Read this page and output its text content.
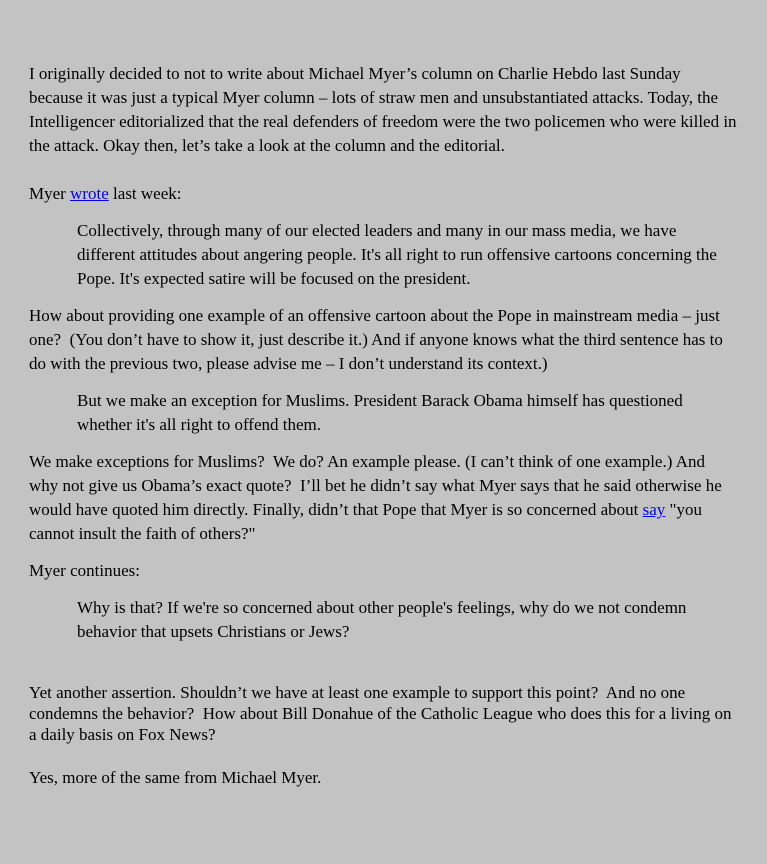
I originally decided to not to write about Michael Myer’s column on Charlie Hebdo last Sunday because it was just a typical Myer column – lots of straw men and unsubstantiated attacks. Today, the Intelligencer editorialized that the real defenders of freedom were the two policemen who were killed in the attack. Okay then, let’s take a look at the column and the editorial.

Myer wrote last week:

Collectively, through many of our elected leaders and many in our mass media, we have different attitudes about angering people. It's all right to run offensive cartoons concerning the Pope. It's expected satire will be focused on the president.

How about providing one example of an offensive cartoon about the Pope in mainstream media – just one?  (You don’t have to show it, just describe it.) And if anyone knows what the third sentence has to do with the previous two, please advise me – I don’t understand its context.)

But we make an exception for Muslims. President Barack Obama himself has questioned whether it's all right to offend them.

We make exceptions for Muslims?  We do? An example please. (I can’t think of one example.) And why not give us Obama’s exact quote?  I’ll bet he didn’t say what Myer says that he said otherwise he would have quoted him directly. Finally, didn’t that Pope that Myer is so concerned about say "you cannot insult the faith of others?"

Myer continues:

Why is that? If we're so concerned about other people's feelings, why do we not condemn behavior that upsets Christians or Jews?

Yet another assertion. Shouldn’t we have at least one example to support this point?  And no one condemns the behavior?  How about Bill Donahue of the Catholic League who does this for a living on a daily basis on Fox News?

Yes, more of the same from Michael Myer.
